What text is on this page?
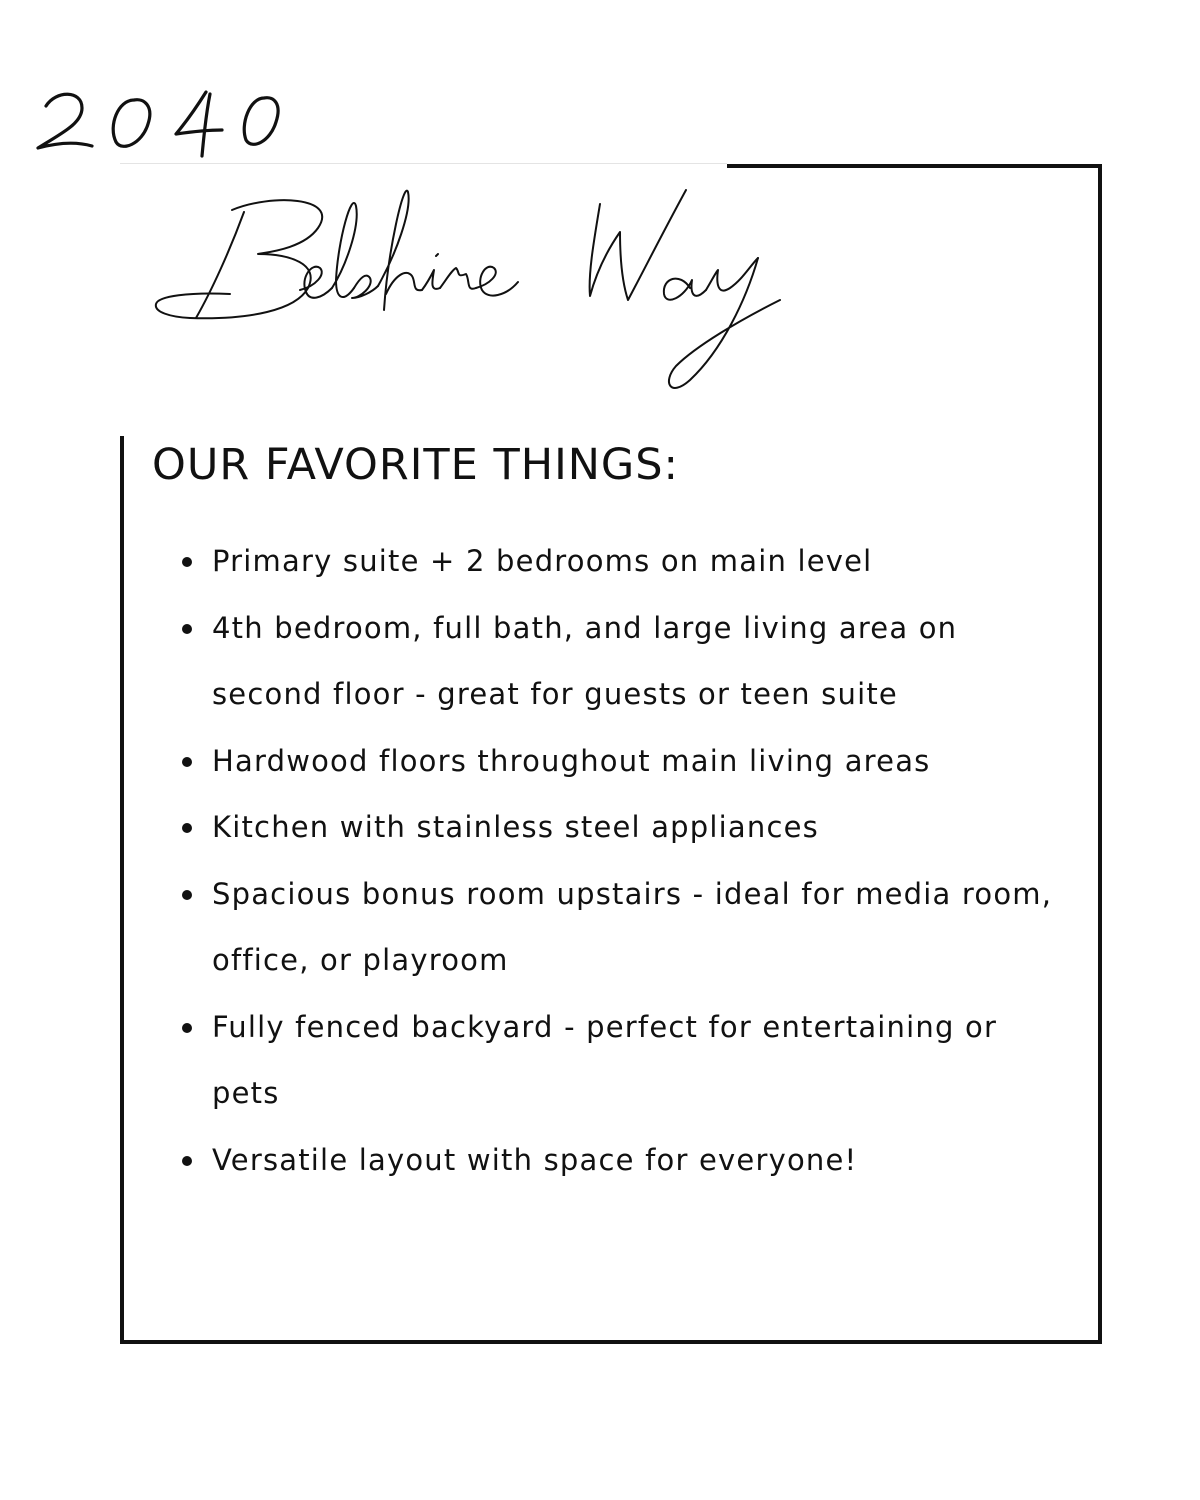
OUR FAVORITE THINGS:
Primary suite + 2 bedrooms on main level
4th bedroom, full bath, and large living area on second floor - great for guests or teen suite
Hardwood floors throughout main living areas
Kitchen with stainless steel appliances
Spacious bonus room upstairs - ideal for media room, office, or playroom
Fully fenced backyard - perfect for entertaining or pets
Versatile layout with space for everyone!
